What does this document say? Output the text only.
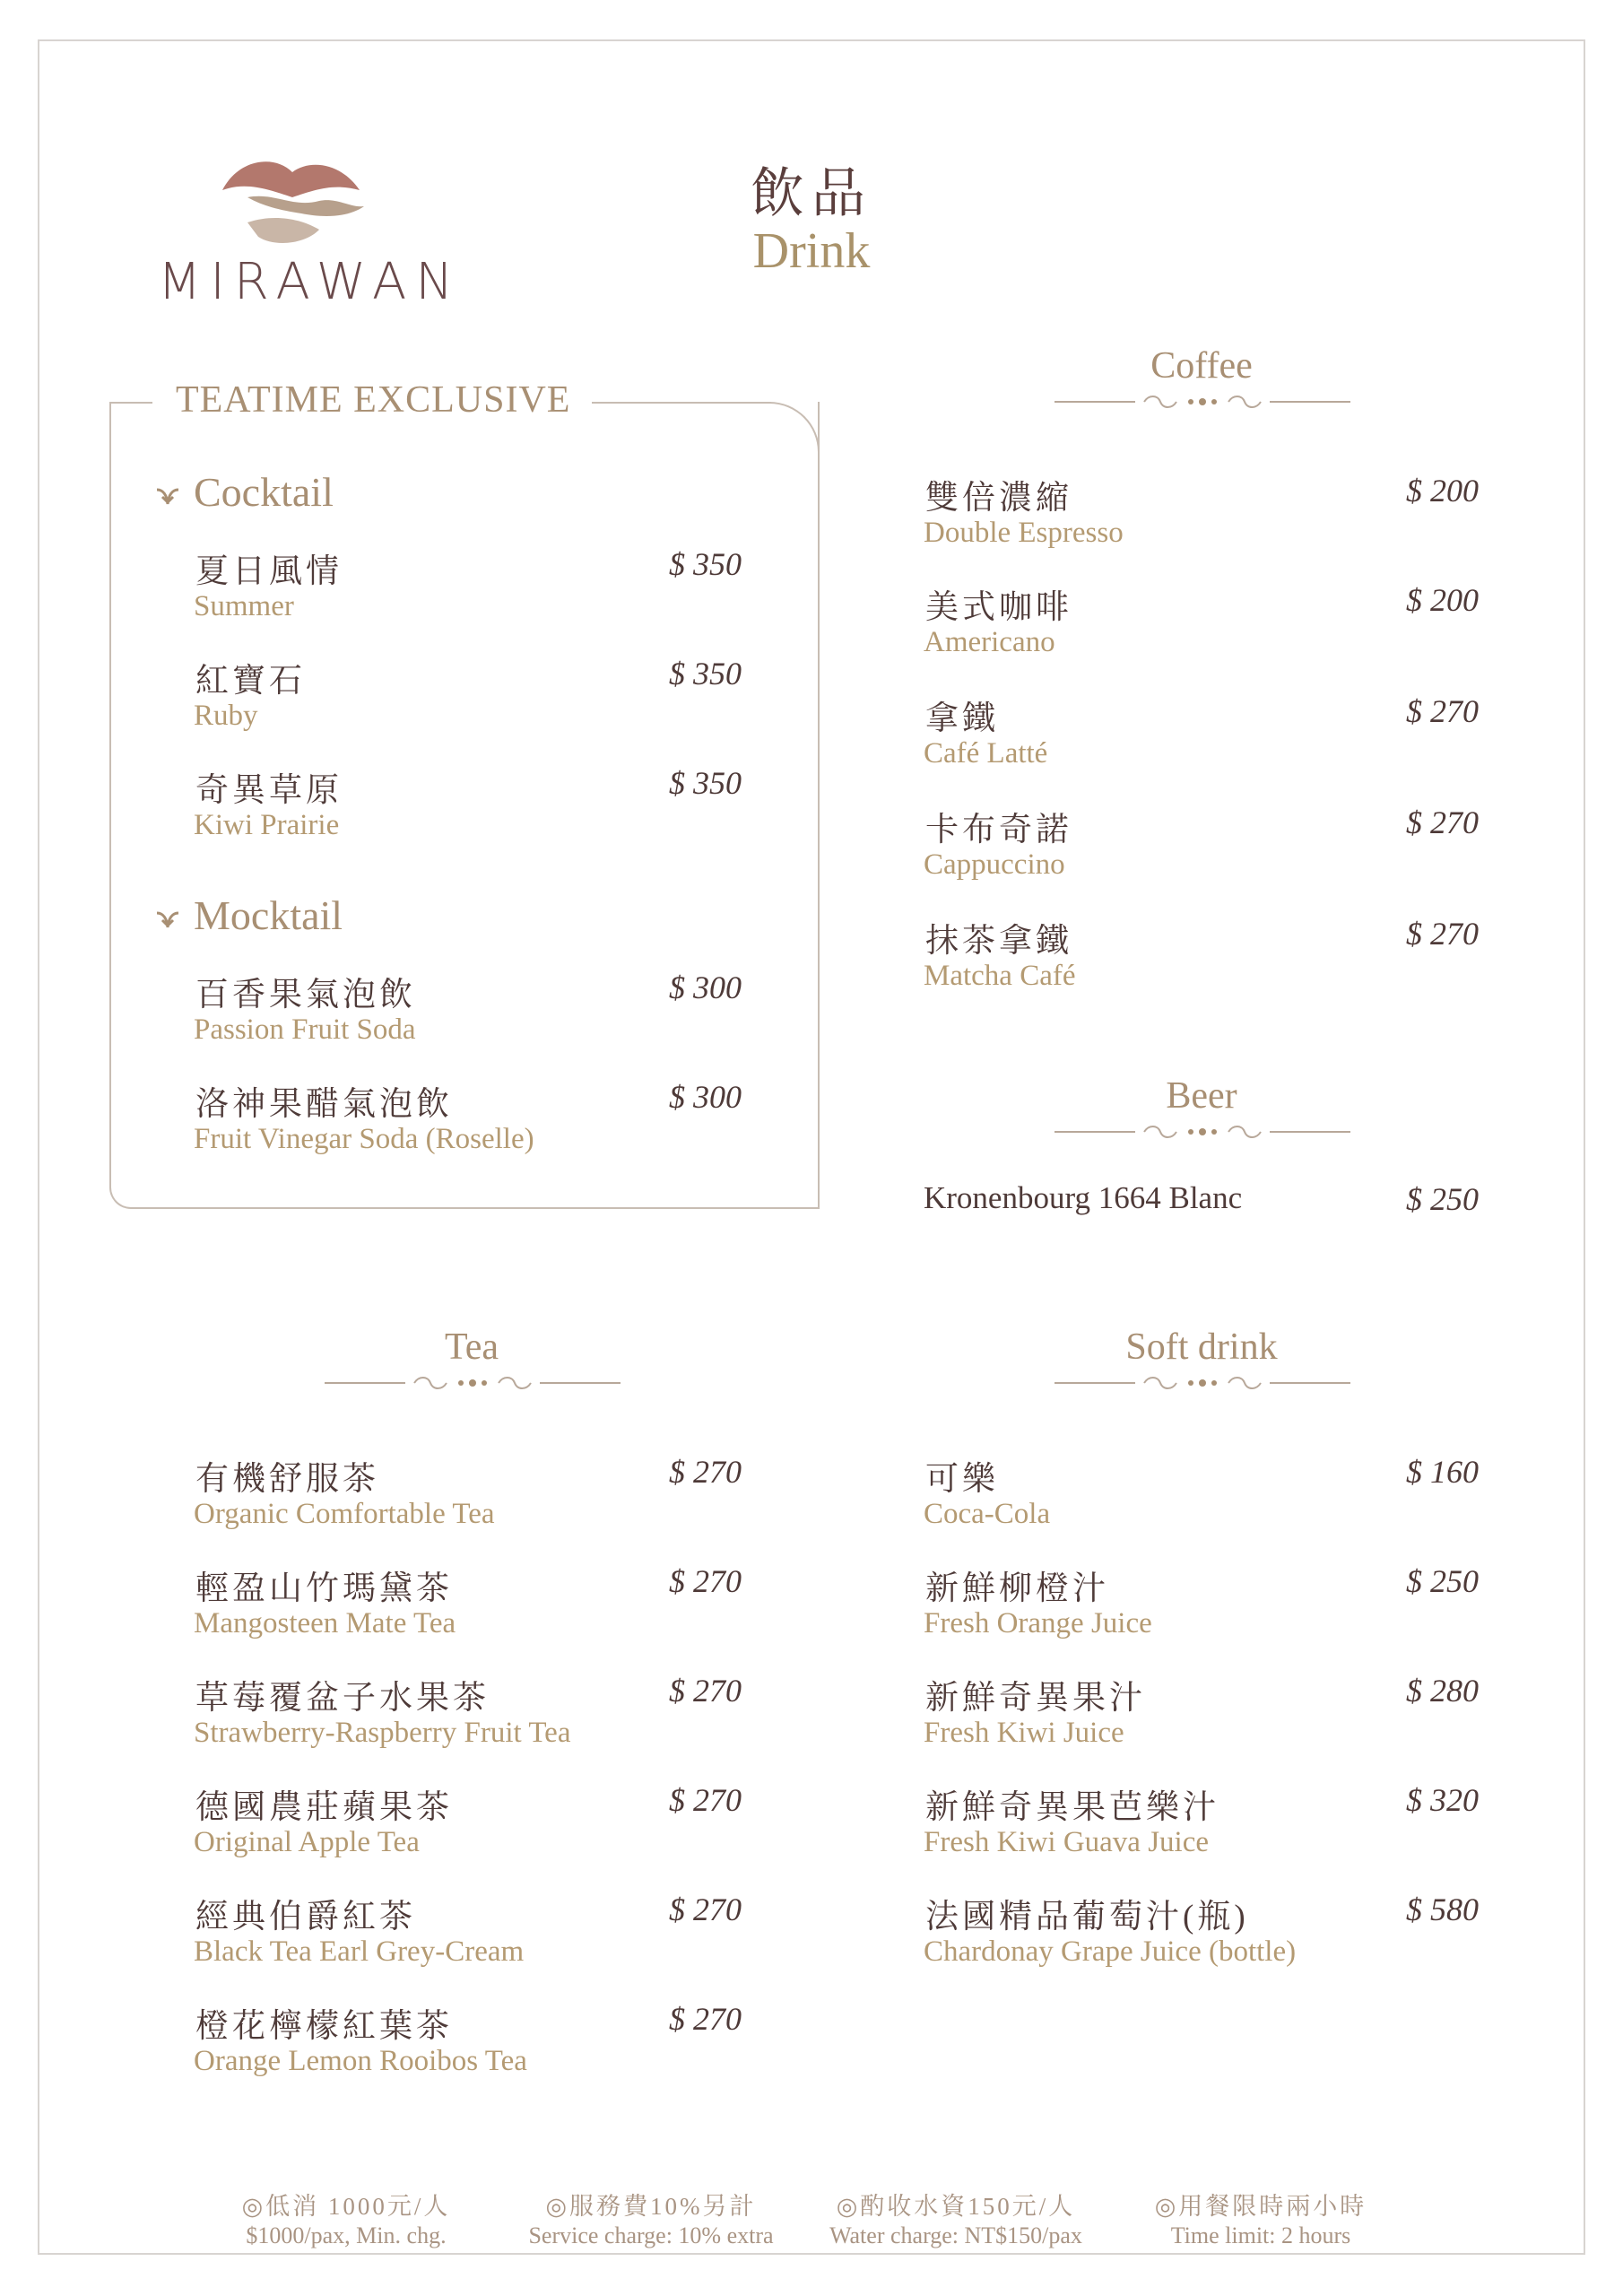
MIRAWAN
飲品
Drink
TEATIME EXCLUSIVE
Cocktail
夏日風情
Summer
$ 350
紅寶石
Ruby
$ 350
奇異草原
Kiwi Prairie
$ 350
Mocktail
百香果氣泡飲
Passion Fruit Soda
$ 300
洛神果醋氣泡飲
Fruit Vinegar Soda (Roselle)
$ 300
Coffee
雙倍濃縮
Double Espresso
$ 200
美式咖啡
Americano
$ 200
拿鐵
Café Latté
$ 270
卡布奇諾
Cappuccino
$ 270
抹茶拿鐵
Matcha Café
$ 270
Beer
Kronenbourg 1664 Blanc	$ 250
Tea
有機舒服茶
Organic Comfortable Tea
$ 270
輕盈山竹瑪黛茶
Mangosteen Mate Tea
$ 270
草莓覆盆子水果茶
Strawberry-Raspberry Fruit Tea
$ 270
德國農莊蘋果茶
Original Apple Tea
$ 270
經典伯爵紅茶
Black Tea Earl Grey-Cream
$ 270
橙花檸檬紅葉茶
Orange Lemon Rooibos Tea
$ 270
Soft drink
可樂
Coca-Cola
$ 160
新鮮柳橙汁
Fresh Orange Juice
$ 250
新鮮奇異果汁
Fresh Kiwi Juice
$ 280
新鮮奇異果芭樂汁
Fresh Kiwi Guava Juice
$ 320
法國精品葡萄汁(瓶)
Chardonay Grape Juice (bottle)
$ 580
◎低消 1000元/人
$1000/pax, Min. chg.
◎服務費10%另計
Service charge: 10% extra
◎酌收水資150元/人
Water charge: NT$150/pax
◎用餐限時兩小時
Time limit: 2 hours
